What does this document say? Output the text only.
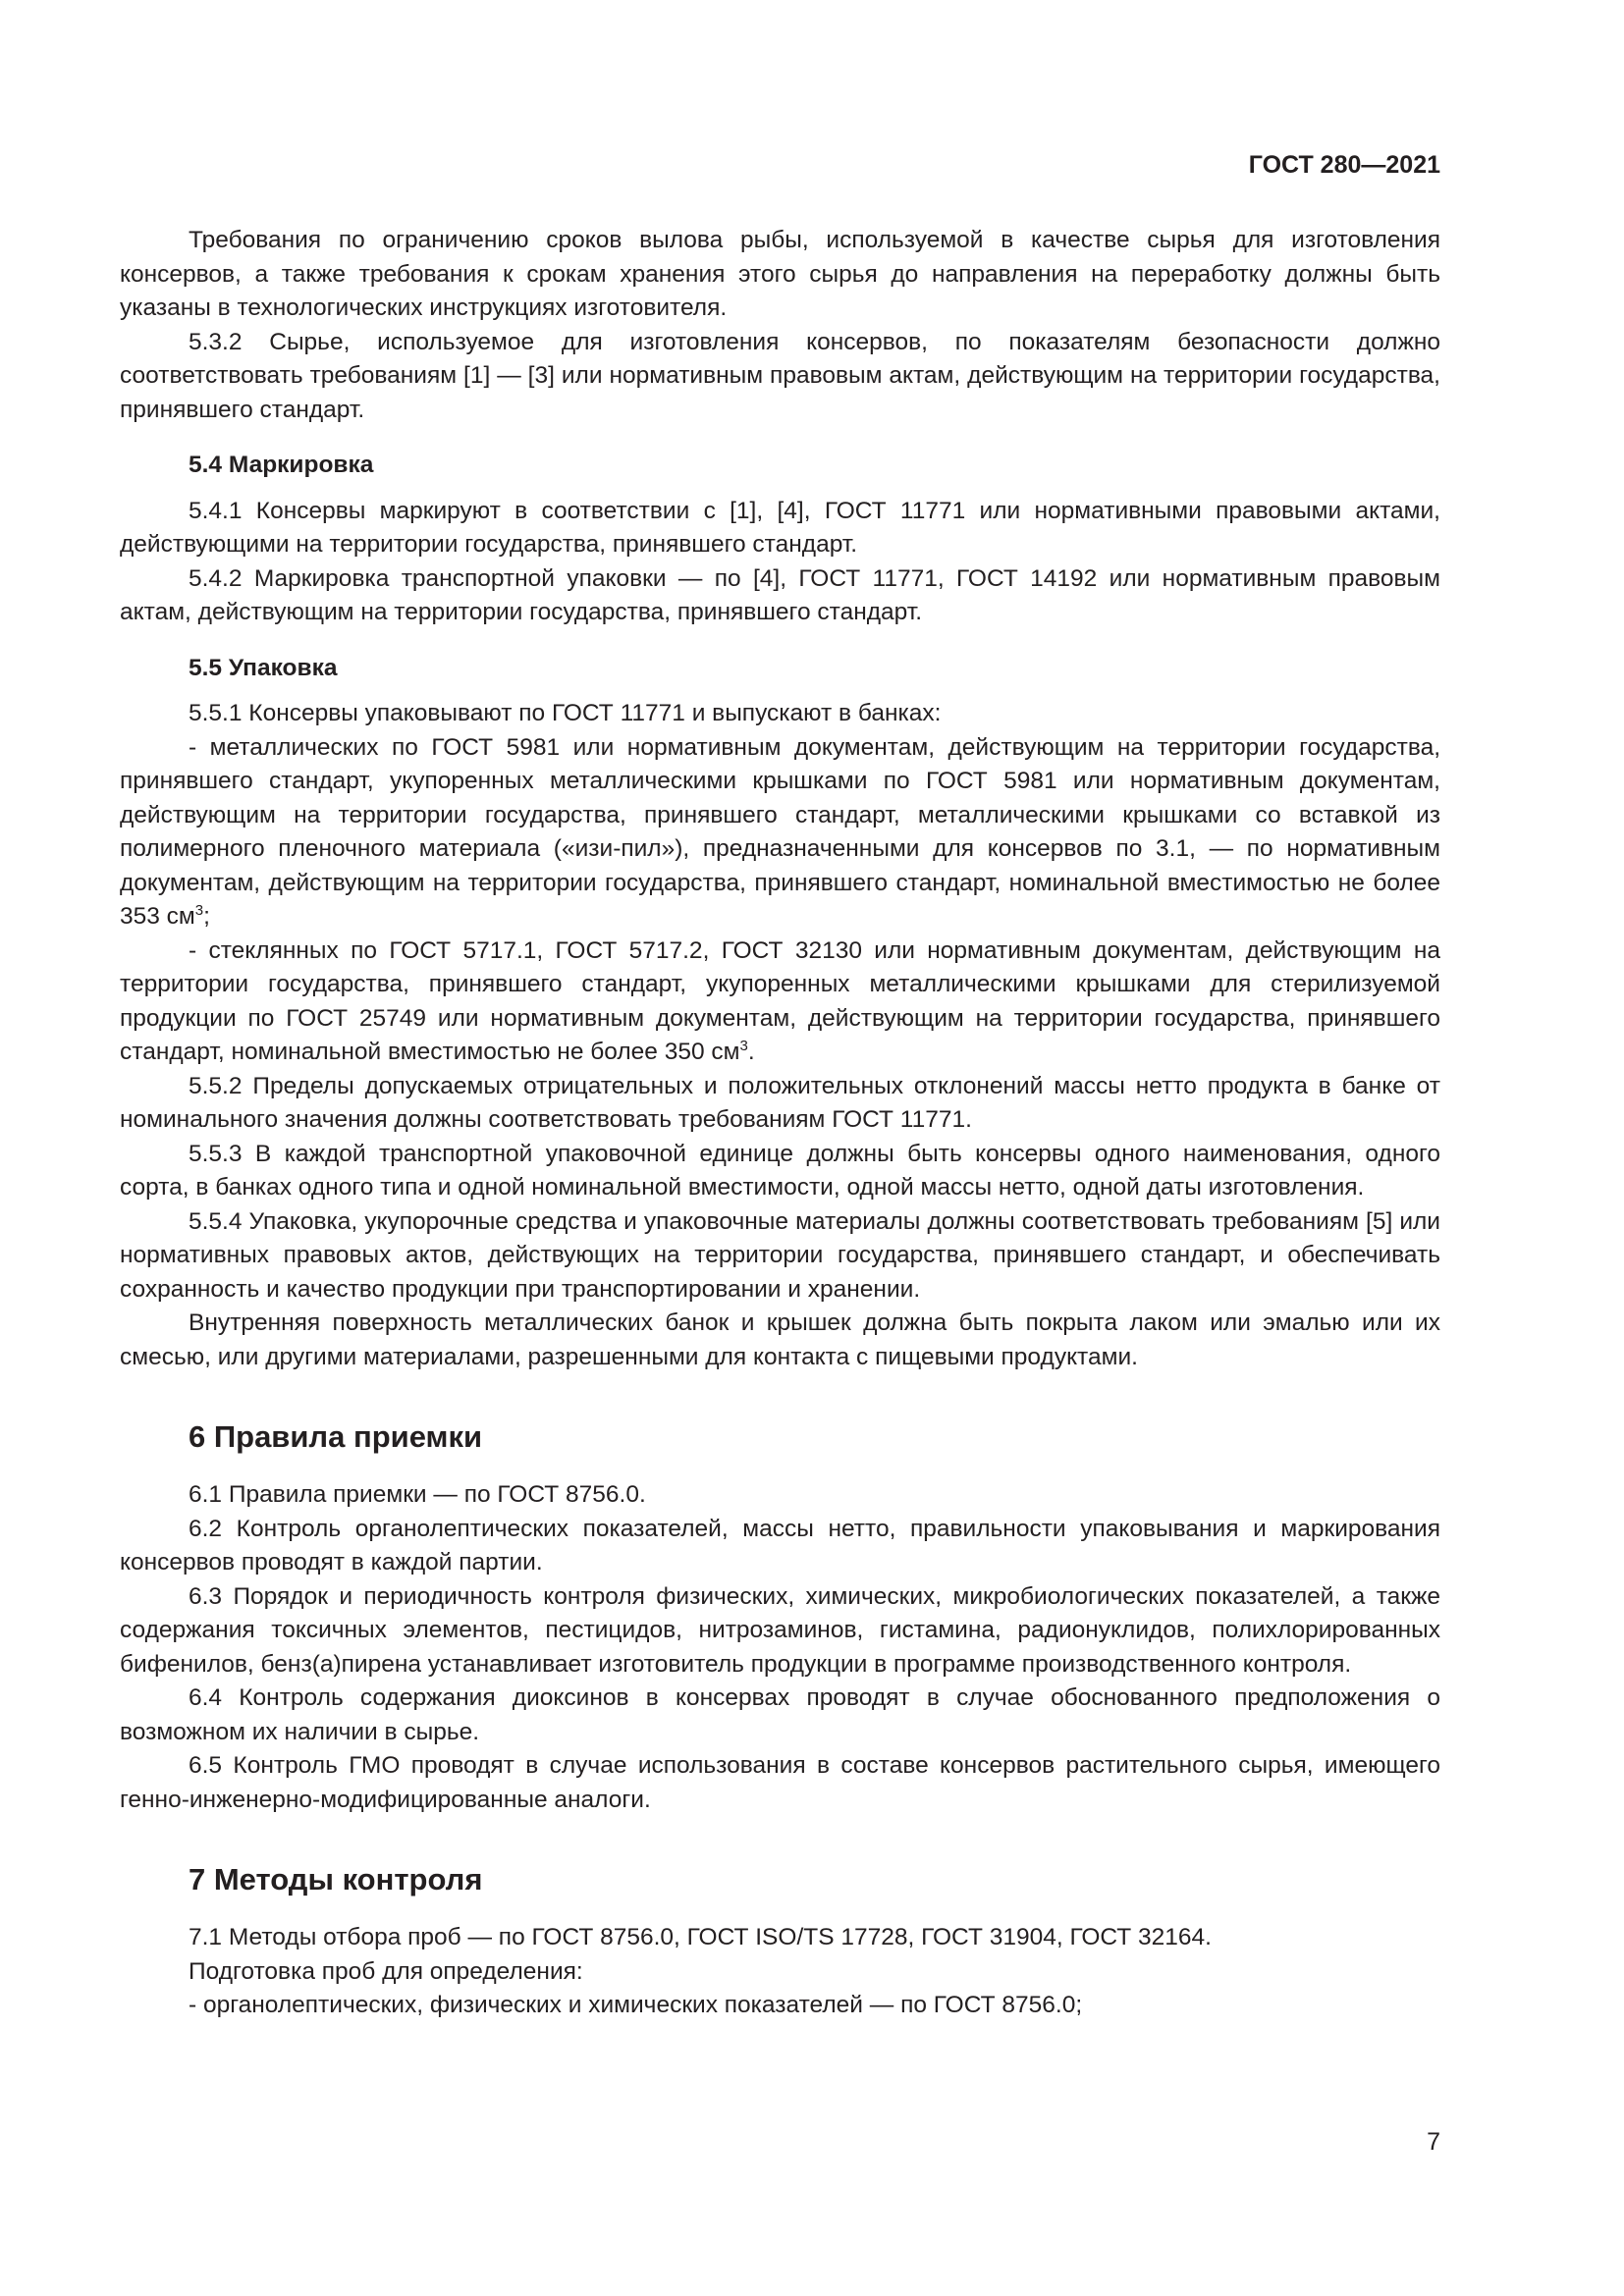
ГОСТ 280—2021

Требования по ограничению сроков вылова рыбы, используемой в качестве сырья для изготовления консервов, а также требования к срокам хранения этого сырья до направления на переработку должны быть указаны в технологических инструкциях изготовителя.

5.3.2 Сырье, используемое для изготовления консервов, по показателям безопасности должно соответствовать требованиям [1] — [3] или нормативным правовым актам, действующим на территории государства, принявшего стандарт.

5.4 Маркировка

5.4.1 Консервы маркируют в соответствии с [1], [4], ГОСТ 11771 или нормативными правовыми актами, действующими на территории государства, принявшего стандарт.

5.4.2 Маркировка транспортной упаковки — по [4], ГОСТ 11771, ГОСТ 14192 или нормативным правовым актам, действующим на территории государства, принявшего стандарт.

5.5 Упаковка

5.5.1 Консервы упаковывают по ГОСТ 11771 и выпускают в банках:

- металлических по ГОСТ 5981 или нормативным документам, действующим на территории государства, принявшего стандарт, укупоренных металлическими крышками по ГОСТ 5981 или нормативным документам, действующим на территории государства, принявшего стандарт, металлическими крышками со вставкой из полимерного пленочного материала («изи-пил»), предназначенными для консервов по 3.1, — по нормативным документам, действующим на территории государства, принявшего стандарт, номинальной вместимостью не более 353 $см^3$;

- стеклянных по ГОСТ 5717.1, ГОСТ 5717.2, ГОСТ 32130 или нормативным документам, действующим на территории государства, принявшего стандарт, укупоренных металлическими крышками для стерилизуемой продукции по ГОСТ 25749 или нормативным документам, действующим на территории государства, принявшего стандарт, номинальной вместимостью не более 350 $см^3$.

5.5.2 Пределы допускаемых отрицательных и положительных отклонений массы нетто продукта в банке от номинального значения должны соответствовать требованиям ГОСТ 11771.

5.5.3 В каждой транспортной упаковочной единице должны быть консервы одного наименования, одного сорта, в банках одного типа и одной номинальной вместимости, одной массы нетто, одной даты изготовления.

5.5.4 Упаковка, укупорочные средства и упаковочные материалы должны соответствовать требованиям [5] или нормативных правовых актов, действующих на территории государства, принявшего стандарт, и обеспечивать сохранность и качество продукции при транспортировании и хранении.

Внутренняя поверхность металлических банок и крышек должна быть покрыта лаком или эмалью или их смесью, или другими материалами, разрешенными для контакта с пищевыми продуктами.

6 Правила приемки

6.1 Правила приемки — по ГОСТ 8756.0.

6.2 Контроль органолептических показателей, массы нетто, правильности упаковывания и маркирования консервов проводят в каждой партии.

6.3 Порядок и периодичность контроля физических, химических, микробиологических показателей, а также содержания токсичных элементов, пестицидов, нитрозаминов, гистамина, радионуклидов, полихлорированных бифенилов, бенз(а)пирена устанавливает изготовитель продукции в программе производственного контроля.

6.4 Контроль содержания диоксинов в консервах проводят в случае обоснованного предположения о возможном их наличии в сырье.

6.5 Контроль ГМО проводят в случае использования в составе консервов растительного сырья, имеющего генно-инженерно-модифицированные аналоги.

7 Методы контроля

7.1 Методы отбора проб — по ГОСТ 8756.0, ГОСТ ISO/TS 17728, ГОСТ 31904, ГОСТ 32164.

Подготовка проб для определения:

- органолептических, физических и химических показателей — по ГОСТ 8756.0;

7
